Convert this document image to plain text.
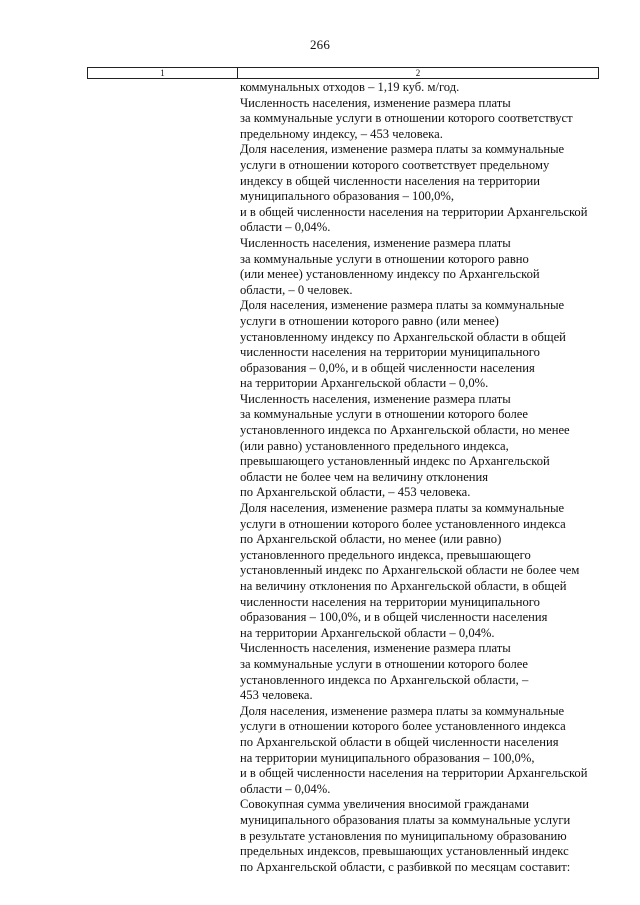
266
1	2
коммунальных отходов – 1,19 куб. м/год.
Численность населения, изменение размера платы
за коммунальные услуги в отношении которого соответствуст
предельному индексу, – 453 человека.
Доля населения, изменение размера платы за коммунальные
услуги в отношении которого соответствует предельному
индексу в общей численности населения на территории
муниципального образования – 100,0%,
и в общей численности населения на территории Архангельской
области – 0,04%.
Численность населения, изменение размера платы
за коммунальные услуги в отношении которого равно
(или менее) установленному индексу по Архангельской
области, – 0 человек.
Доля населения, изменение размера платы за коммунальные
услуги в отношении которого равно (или менее)
установленному индексу по Архангельской области в общей
численности населения на территории муниципального
образования – 0,0%, и в общей численности населения
на территории Архангельской области – 0,0%.
Численность населения, изменение размера платы
за коммунальные услуги в отношении которого более
установленного индекса по Архангельской области, но менее
(или равно) установленного предельного индекса,
превышающего установленный индекс по Архангельской
области не более чем на величину отклонения
по Архангельской области, – 453 человека.
Доля населения, изменение размера платы за коммунальные
услуги в отношении которого более установленного индекса
по Архангельской области, но менее (или равно)
установленного предельного индекса, превышающего
установленный индекс по Архангельской области не более чем
на величину отклонения по Архангельской области, в общей
численности населения на территории муниципального
образования – 100,0%, и в общей численности населения
на территории Архангельской области – 0,04%.
Численность населения, изменение размера платы
за коммунальные услуги в отношении которого более
установленного индекса по Архангельской области, –
453 человека.
Доля населения, изменение размера платы за коммунальные
услуги в отношении которого более установленного индекса
по Архангельской области в общей численности населения
на территории муниципального образования – 100,0%,
и в общей численности населения на территории Архангельской
области – 0,04%.
Совокупная сумма увеличения вносимой гражданами
муниципального образования платы за коммунальные услуги
в результате установления по муниципальному образованию
предельных индексов, превышающих установленный индекс
по Архангельской области, с разбивкой по месяцам составит:
